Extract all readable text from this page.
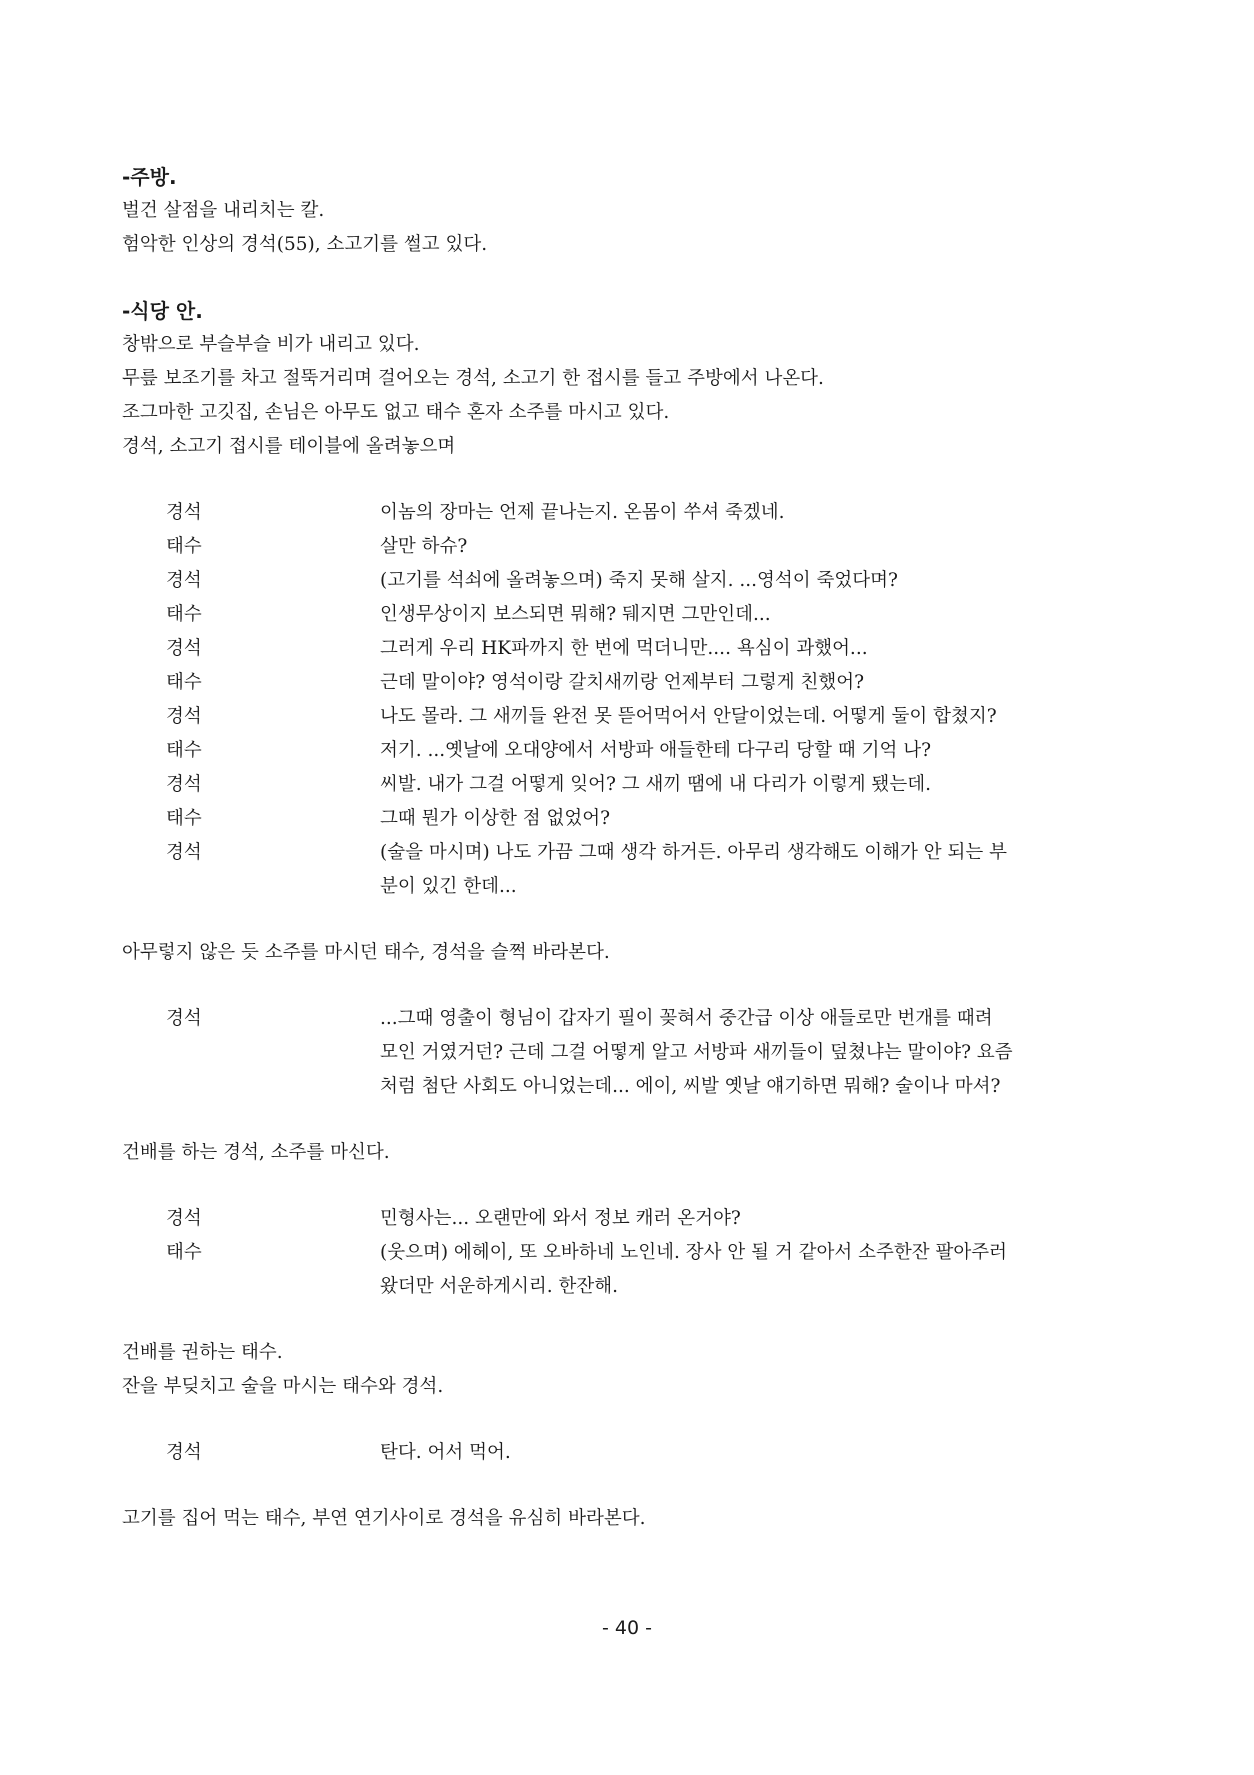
-주방.

벌건 살점을 내리치는 칼.

험악한 인상의 경석(55), 소고기를 썰고 있다.

-식당 안.

창밖으로 부슬부슬 비가 내리고 있다.

무릎 보조기를 차고 절뚝거리며 걸어오는 경석, 소고기 한 접시를 들고 주방에서 나온다.

조그마한 고깃집, 손님은 아무도 없고 태수 혼자 소주를 마시고 있다.

경석, 소고기 접시를 테이블에 올려놓으며

경석	이놈의 장마는 언제 끝나는지. 온몸이 쑤셔 죽겠네.
태수	살만 하슈?
경석	(고기를 석쇠에 올려놓으며) 죽지 못해 살지. ...영석이 죽었다며?
태수	인생무상이지 보스되면 뭐해? 뒈지면 그만인데...
경석	그러게 우리 HK파까지 한 번에 먹더니만.... 욕심이 과했어...
태수	근데 말이야? 영석이랑 갈치새끼랑 언제부터 그렇게 친했어?
경석	나도 몰라. 그 새끼들 완전 못 뜯어먹어서 안달이었는데. 어떻게 둘이 합쳤지?
태수	저기. ...옛날에 오대양에서 서방파 애들한테 다구리 당할 때 기억 나?
경석	씨발. 내가 그걸 어떻게 잊어? 그 새끼 땜에 내 다리가 이렇게 됐는데.
태수	그때 뭔가 이상한 점 없었어?
경석	(술을 마시며) 나도 가끔 그때 생각 하거든. 아무리 생각해도 이해가 안 되는 부
분이 있긴 한데...

아무렇지 않은 듯 소주를 마시던 태수, 경석을 슬쩍 바라본다.

경석	...그때 영출이 형님이 갑자기 필이 꽂혀서 중간급 이상 애들로만 번개를 때려
모인 거였거던? 근데 그걸 어떻게 알고 서방파 새끼들이 덮쳤냐는 말이야? 요즘
처럼 첨단 사회도 아니었는데... 에이, 씨발 옛날 얘기하면 뭐해? 술이나 마셔?

건배를 하는 경석, 소주를 마신다.

경석	민형사는... 오랜만에 와서 정보 캐러 온거야?
태수	(웃으며) 에헤이, 또 오바하네 노인네. 장사 안 될 거 같아서 소주한잔 팔아주러
왔더만 서운하게시리. 한잔해.

건배를 권하는 태수.

잔을 부딪치고 술을 마시는 태수와 경석.

경석	탄다. 어서 먹어.

고기를 집어 먹는 태수, 부연 연기사이로 경석을 유심히 바라본다.

- 40 -
